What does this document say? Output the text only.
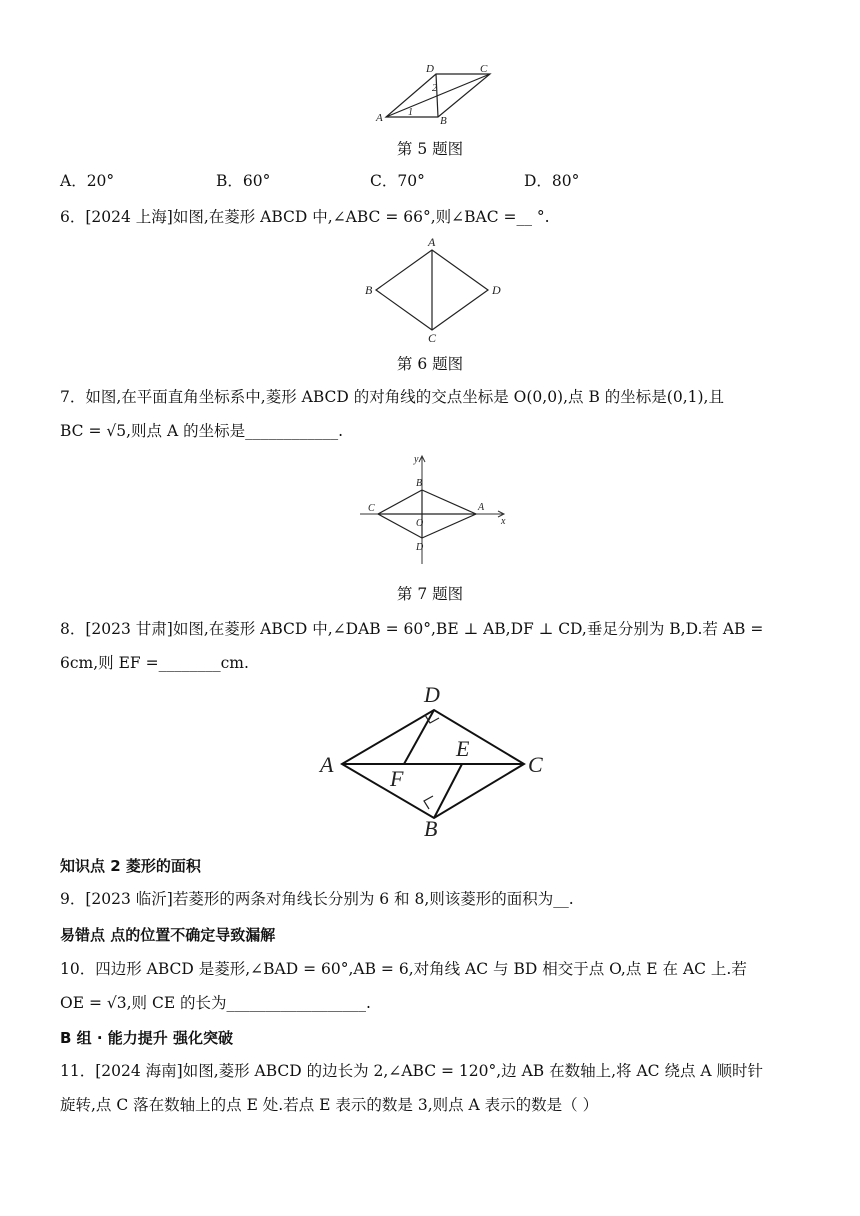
A	B
C
D
1
2
第 5 题图
A．20°	B．60°	C．70°	D．80°
6．[2024 上海]如图,在菱形 ABCD 中,∠ABC = 66°,则∠BAC =__ °.
A
B
C
D
第 6 题图
7．如图,在平面直角坐标系中,菱形 ABCD 的对角线的交点坐标是 O(0,0),点 B 的坐标是(0,1),且
BC = √5,则点 A 的坐标是____________.
C
B
A
O
D
x
y
第 7 题图
8．[2023 甘肃]如图,在菱形 ABCD 中,∠DAB = 60°,BE ⊥ AB,DF ⊥ CD,垂足分别为 B,D.若 AB =
6cm,则 EF =________cm.
A
D
C
B
E
F
知识点 2 菱形的面积
9．[2023 临沂]若菱形的两条对角线长分别为 6 和 8,则该菱形的面积为__.
易错点 点的位置不确定导致漏解
10．四边形 ABCD 是菱形,∠BAD = 60°,AB = 6,对角线 AC 与 BD 相交于点 O,点 E 在 AC 上.若
OE = √3,则 CE 的长为__________________.
B 组 · 能力提升 强化突破
11．[2024 海南]如图,菱形 ABCD 的边长为 2,∠ABC = 120°,边 AB 在数轴上,将 AC 绕点 A 顺时针
旋转,点 C 落在数轴上的点 E 处.若点 E 表示的数是 3,则点 A 表示的数是（ ）
